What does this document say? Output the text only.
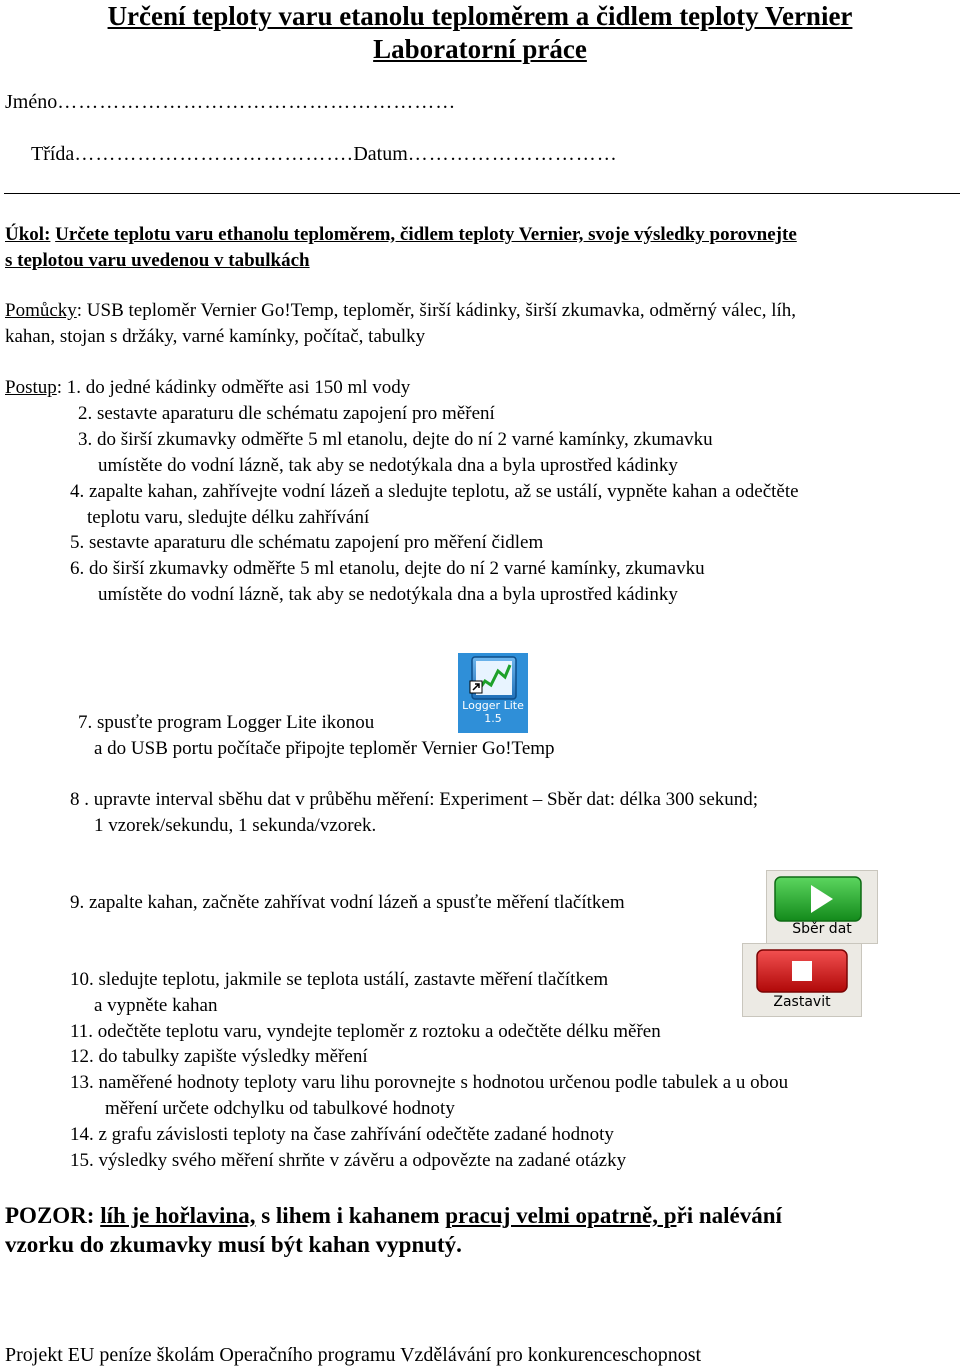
Určení teploty varu etanolu teploměrem a čidlem teploty Vernier
Laboratorní práce
Jméno…………………………………………………
Třída………………………………….Datum…………………………
Úkol: Určete teplotu varu ethanolu teploměrem, čidlem teploty Vernier, svoje výsledky porovnejte
s teplotou varu uvedenou v tabulkách
Pomůcky: USB teploměr Vernier Go!Temp, teploměr, širší kádinky, širší zkumavka, odměrný válec, líh,
kahan, stojan s držáky, varné kamínky, počítač, tabulky
Postup: 1. do jedné kádinky odměřte asi 150 ml vody
2. sestavte aparaturu dle schématu zapojení pro měření
3. do širší zkumavky odměřte 5 ml etanolu, dejte do ní 2 varné kamínky, zkumavku
umístěte do vodní lázně, tak aby se nedotýkala dna a byla uprostřed kádinky
4. zapalte kahan, zahřívejte vodní lázeň a sledujte teplotu, až se ustálí, vypněte kahan a odečtěte
teplotu varu, sledujte délku zahřívání
5. sestavte aparaturu dle schématu zapojení pro měření čidlem
6. do širší zkumavky odměřte 5 ml etanolu, dejte do ní 2 varné kamínky, zkumavku
umístěte do vodní lázně, tak aby se nedotýkala dna a byla uprostřed kádinky
Logger Lite
1.5
7. spusťte program Logger Lite ikonou
a do USB portu počítače připojte teploměr Vernier Go!Temp
8 . upravte interval sběhu dat v průběhu měření: Experiment – Sběr dat: délka 300 sekund;
1 vzorek/sekundu, 1 sekunda/vzorek.
9. zapalte kahan, začněte zahřívat vodní lázeň a spusťte měření tlačítkem
Sběr dat
10. sledujte teplotu, jakmile se teplota ustálí, zastavte měření tlačítkem
a vypněte kahan	Zastavit
11. odečtěte teplotu varu, vyndejte teploměr z roztoku a odečtěte délku měřen
12. do tabulky zapište výsledky měření
13. naměřené hodnoty teploty varu lihu porovnejte s hodnotou určenou podle tabulek a u obou
měření určete odchylku od tabulkové hodnoty
14. z grafu závislosti teploty na čase zahřívání odečtěte zadané hodnoty
15. výsledky svého měření shrňte v závěru a odpovězte na zadané otázky
POZOR: líh je hořlavina, s lihem i kahanem pracuj velmi opatrně, při nalévání
vzorku do zkumavky musí být kahan vypnutý.
Projekt EU peníze školám Operačního programu Vzdělávání pro konkurenceschopnost
